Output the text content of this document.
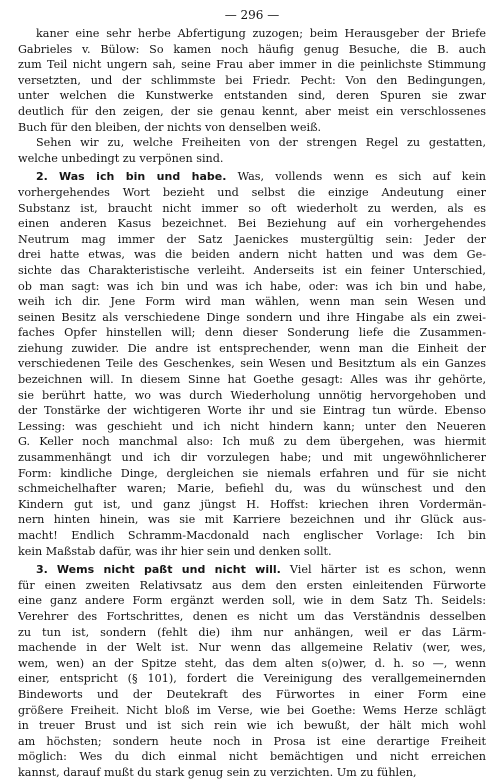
— 296 —
kaner eine sehr herbe Abfertigung zuzogen; beim Herausgeber der Briefe
Gabrieles v. Bülow: So kamen noch häufig genug Besuche, die B. auch
zum Teil nicht ungern sah, seine Frau aber immer in die peinlichste Stimmung
versetzten, und der schlimmste bei Friedr. Pecht: Von den Bedingungen,
unter welchen die Kunstwerke entstanden sind, deren Spuren sie zwar
deutlich für den zeigen, der sie genau kennt, aber meist ein verschlossenes
Buch für den bleiben, der nichts von denselben weiß.
Sehen wir zu, welche Freiheiten von der strengen Regel zu gestatten,
welche unbedingt zu verpönen sind.
2. Was ich bin und habe. Was, vollends wenn es sich auf kein
vorhergehendes Wort bezieht und selbst die einzige Andeutung einer
Substanz ist, braucht nicht immer so oft wiederholt zu werden, als es
einen anderen Kasus bezeichnet. Bei Beziehung auf ein vorhergehendes
Neutrum mag immer der Satz Jaenickes mustergültig sein: Jeder der
drei hatte etwas, was die beiden andern nicht hatten und was dem Ge-
sichte das Charakteristische verleiht. Anderseits ist ein feiner Unterschied,
ob man sagt: was ich bin und was ich habe, oder: was ich bin und habe,
weih ich dir. Jene Form wird man wählen, wenn man sein Wesen und
seinen Besitz als verschiedene Dinge sondern und ihre Hingabe als ein zwei-
faches Opfer hinstellen will; denn dieser Sonderung liefe die Zusammen-
ziehung zuwider. Die andre ist entsprechender, wenn man die Einheit der
verschiedenen Teile des Geschenkes, sein Wesen und Besitztum als ein Ganzes
bezeichnen will. In diesem Sinne hat Goethe gesagt: Alles was ihr gehörte,
sie berührt hatte, wo was durch Wiederholung unnötig hervorgehoben und
der Tonstärke der wichtigeren Worte ihr und sie Eintrag tun würde. Ebenso
Lessing: was geschieht und ich nicht hindern kann; unter den Neueren
G. Keller noch manchmal also: Ich muß zu dem übergehen, was hiermit
zusammenhängt und ich dir vorzulegen habe; und mit ungewöhnlicherer
Form: kindliche Dinge, dergleichen sie niemals erfahren und für sie nicht
schmeichelhafter waren; Marie, befiehl du, was du wünschest und den
Kindern gut ist, und ganz jüngst H. Hoffst: kriechen ihren Vordermän-
nern hinten hinein, was sie mit Karriere bezeichnen und ihr Glück aus-
macht! Endlich Schramm-Macdonald nach englischer Vorlage: Ich bin
kein Maßstab dafür, was ihr hier sein und denken sollt.
3. Wems nicht paßt und nicht will. Viel härter ist es schon, wenn
für einen zweiten Relativsatz aus dem den ersten einleitenden Fürworte
eine ganz andere Form ergänzt werden soll, wie in dem Satz Th. Seidels:
Verehrer des Fortschrittes, denen es nicht um das Verständnis desselben
zu tun ist, sondern (fehlt die) ihm nur anhängen, weil er das Lärm-
machende in der Welt ist. Nur wenn das allgemeine Relativ (wer, wes,
wem, wen) an der Spitze steht, das dem alten s(o)wer, d. h. so —, wenn
einer, entspricht (§ 101), fordert die Vereinigung des verallgemeinernden
Bindeworts und der Deutekraft des Fürwortes in einer Form eine
größere Freiheit. Nicht bloß im Verse, wie bei Goethe: Wems Herze schlägt
in treuer Brust und ist sich rein wie ich bewußt, der hält mich wohl
am höchsten; sondern heute noch in Prosa ist eine derartige Freiheit
möglich: Wes du dich einmal nicht bemächtigen und nicht erreichen
kannst, darauf mußt du stark genug sein zu verzichten. Um zu fühlen,
